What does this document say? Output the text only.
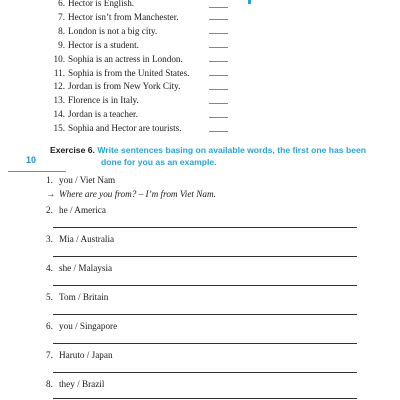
6. Hector is English.
7. Hector isn’t from Manchester.
8. London is not a big city.
9. Hector is a student.
10. Sophia is an actress in London.
11. Sophia is from the United States.
12. Jordan is from New York City.
13. Florence is in Italy.
14. Jordan is a teacher.
15. Sophia and Hector are tourists.
10
Exercise 6. Write sentences basing on available words, the first one has been
done for you as an example.
1. you / Viet Nam
→ Where are you from? – I’m from Viet Nam.
2. he / America
3. Mia / Australia
4. she / Malaysia
5. Tom / Britain
6. you / Singapore
7. Haruto / Japan
8. they / Brazil
